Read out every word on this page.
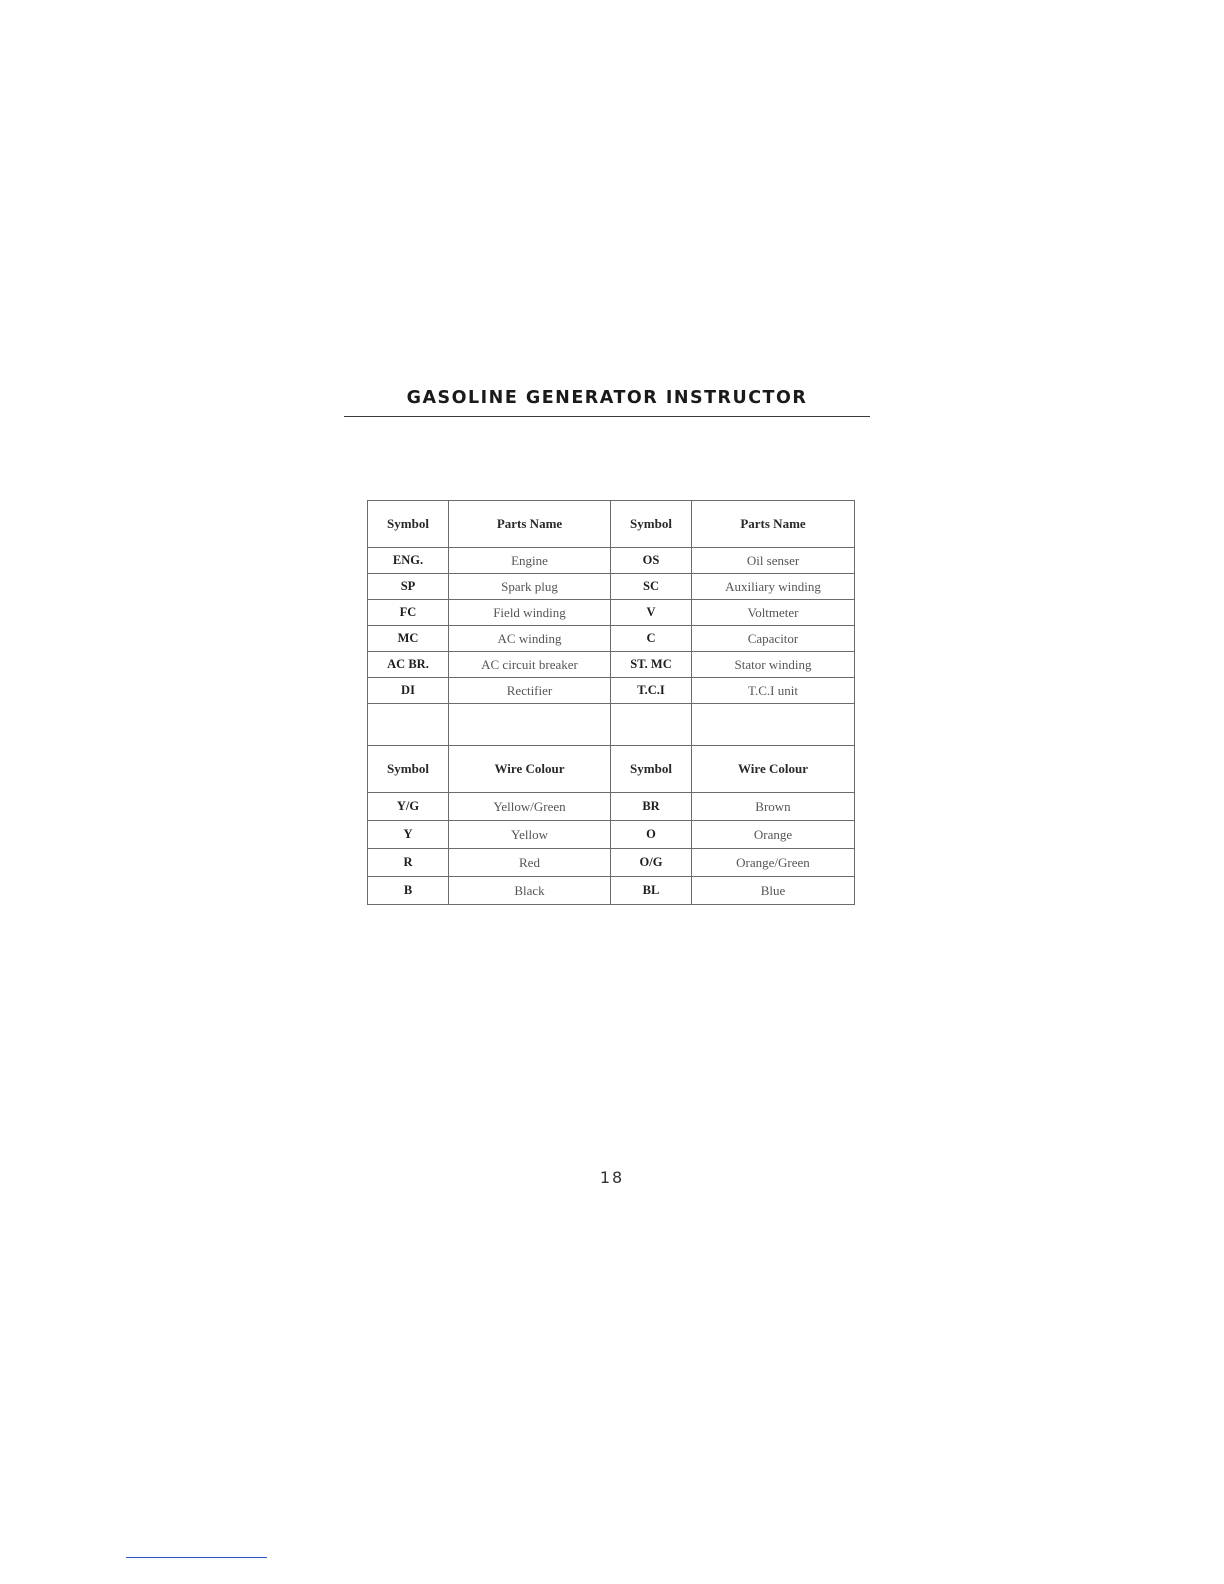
GASOLINE GENERATOR INSTRUCTOR
Symbol	Parts Name	Symbol	Parts Name
ENG.	Engine	OS	Oil senser
SP	Spark plug	SC	Auxiliary winding
FC	Field winding	V	Voltmeter
MC	AC winding	C	Capacitor
AC BR.	AC circuit breaker	ST. MC	Stator winding
DI	Rectifier	T.C.I	T.C.I unit

Symbol	Wire Colour	Symbol	Wire Colour
Y/G	Yellow/Green	BR	Brown
Y	Yellow	O	Orange
R	Red	O/G	Orange/Green
B	Black	BL	Blue
18
